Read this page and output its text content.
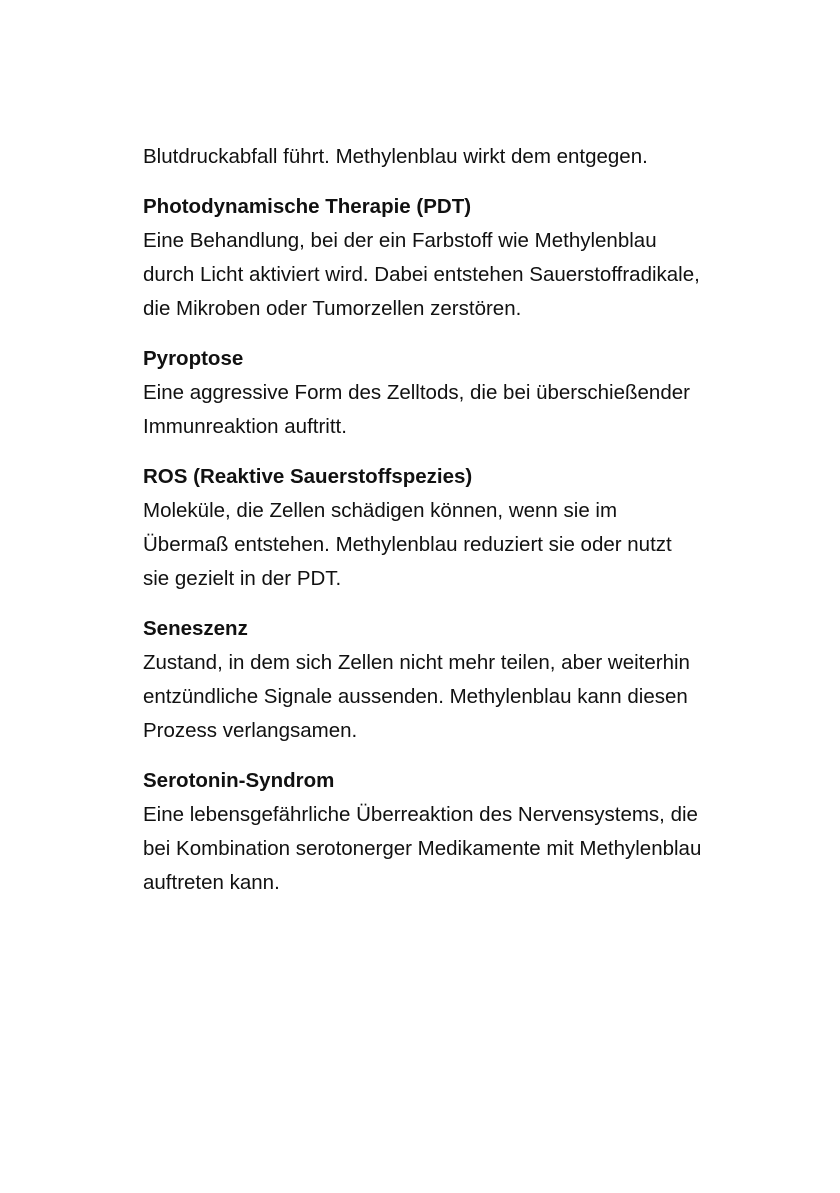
Blutdruckabfall führt. Methylenblau wirkt dem entgegen.

Photodynamische Therapie (PDT)

Eine Behandlung, bei der ein Farbstoff wie Methylenblau durch Licht aktiviert wird. Dabei entstehen Sauerstoffradikale, die Mikroben oder Tumorzellen zerstören.

Pyroptose

Eine aggressive Form des Zelltods, die bei überschießender Immunreaktion auftritt.

ROS (Reaktive Sauerstoffspezies)

Moleküle, die Zellen schädigen können, wenn sie im Übermaß entstehen. Methylenblau reduziert sie oder nutzt sie gezielt in der PDT.

Seneszenz

Zustand, in dem sich Zellen nicht mehr teilen, aber weiterhin entzündliche Signale aussenden. Methylenblau kann diesen Prozess verlangsamen.

Serotonin-Syndrom

Eine lebensgefährliche Überreaktion des Nervensystems, die bei Kombination serotonerger Medikamente mit Methylenblau auftreten kann.
